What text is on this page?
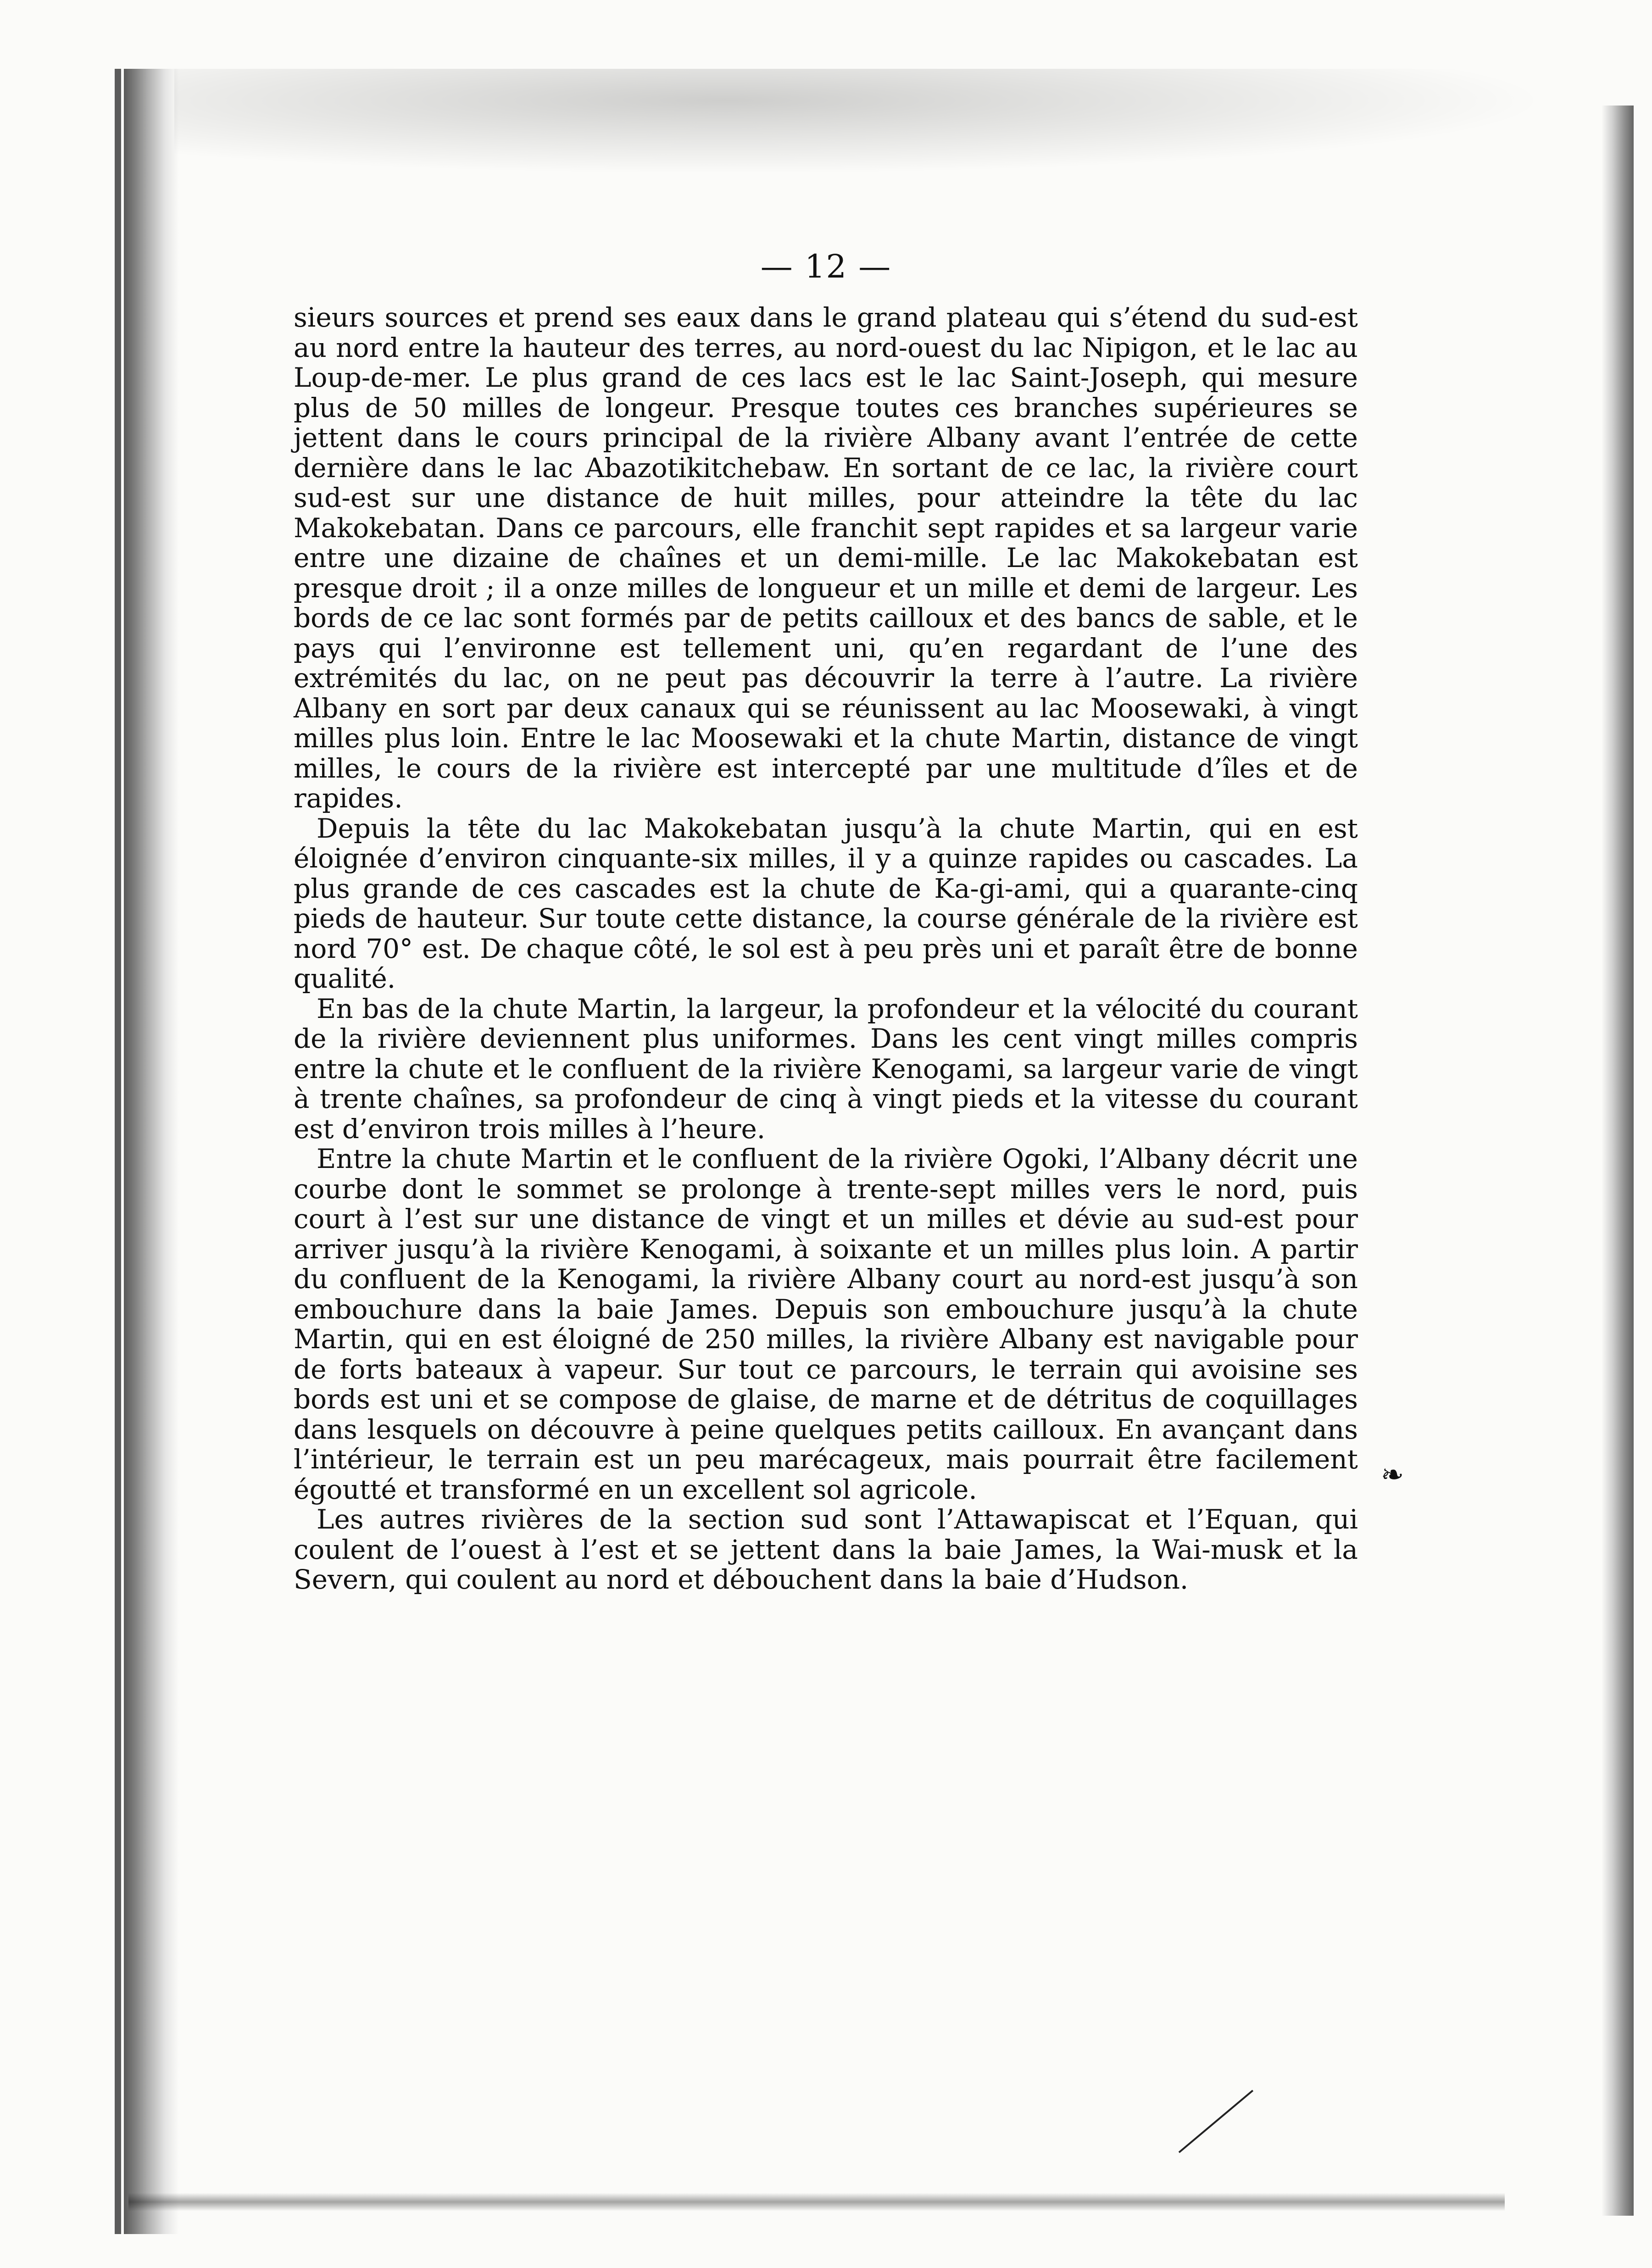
— 12 —

sieurs sources et prend ses eaux dans le grand plateau qui s’étend du sud-est au nord entre la hauteur des terres, au nord-ouest du lac Nipigon, et le lac au Loup-de-mer. Le plus grand de ces lacs est le lac Saint-Joseph, qui mesure plus de 50 milles de longeur. Presque toutes ces branches supérieures se jettent dans le cours principal de la rivière Albany avant l’entrée de cette dernière dans le lac Abazotikitchebaw. En sortant de ce lac, la rivière court sud-est sur une distance de huit milles, pour atteindre la tête du lac Makokebatan. Dans ce parcours, elle franchit sept rapides et sa largeur varie entre une dizaine de chaînes et un demi-mille. Le lac Makokebatan est presque droit ; il a onze milles de longueur et un mille et demi de largeur. Les bords de ce lac sont formés par de petits cailloux et des bancs de sable, et le pays qui l’environne est tellement uni, qu’en regardant de l’une des extrémités du lac, on ne peut pas découvrir la terre à l’autre. La rivière Albany en sort par deux canaux qui se réunissent au lac Moosewaki, à vingt milles plus loin. Entre le lac Moosewaki et la chute Martin, distance de vingt milles, le cours de la rivière est intercepté par une multitude d’îles et de rapides.

Depuis la tête du lac Makokebatan jusqu’à la chute Martin, qui en est éloignée d’environ cinquante-six milles, il y a quinze rapides ou cascades. La plus grande de ces cascades est la chute de Ka-gi-ami, qui a quarante-cinq pieds de hauteur. Sur toute cette distance, la course générale de la rivière est nord 70° est. De chaque côté, le sol est à peu près uni et paraît être de bonne qualité.

En bas de la chute Martin, la largeur, la profondeur et la vélocité du courant de la rivière deviennent plus uniformes. Dans les cent vingt milles compris entre la chute et le confluent de la rivière Kenogami, sa largeur varie de vingt à trente chaînes, sa profondeur de cinq à vingt pieds et la vitesse du courant est d’environ trois milles à l’heure.

Entre la chute Martin et le confluent de la rivière Ogoki, l’Albany décrit une courbe dont le sommet se prolonge à trente-sept milles vers le nord, puis court à l’est sur une distance de vingt et un milles et dévie au sud-est pour arriver jusqu’à la rivière Kenogami, à soixante et un milles plus loin. A partir du confluent de la Kenogami, la rivière Albany court au nord-est jusqu’à son embouchure dans la baie James. Depuis son embouchure jusqu’à la chute Martin, qui en est éloigné de 250 milles, la rivière Albany est navigable pour de forts bateaux à vapeur. Sur tout ce parcours, le terrain qui avoisine ses bords est uni et se compose de glaise, de marne et de détritus de coquillages dans lesquels on découvre à peine quelques petits cailloux. En avançant dans l’intérieur, le terrain est un peu marécageux, mais pourrait être facilement égoutté et transformé en un excellent sol agricole.

Les autres rivières de la section sud sont l’Attawapiscat et l’Equan, qui coulent de l’ouest à l’est et se jettent dans la baie James, la Wai-musk et la Severn, qui coulent au nord et débouchent dans la baie d’Hudson.

❧
